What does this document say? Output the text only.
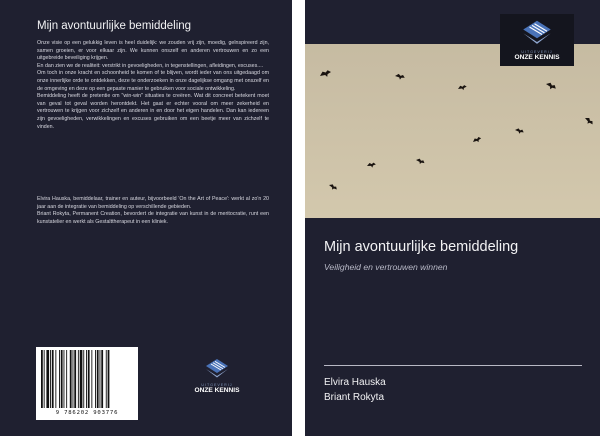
Mijn avontuurlijke bemiddeling

Onze visie op een gelukkig leven is heel duidelijk: we zouden vrij zijn, moedig, gelnspireerd zijn, samen groeien, er voor elkaar zijn. We kunnen onszelf en anderen vertrouwen en zo een uitgebreide beveiliging krijgen.

En dan zien we de realiteit: verstrikt in gevoeligheden, in tegenstellingen, afleidingen, excuses....

Om toch in onze kracht en schoonheid te komen of te blijven, wordt ieder van ons uitgedaagd om onze innerlijke orde te ontdekken, deze te onderzoeken in onze dagelijkse omgang met onszelf en de omgeving en deze op een gepaste manier te gebruiken voor sociale ontwikkeling.

Bemiddeling heeft de pretentie om "win-win" situaties te creëren. Wat dit concreet betekent moet van geval tot geval worden herontdekt. Het gaat er echter vooral om meer zekerheid en vertrouwen te krijgen voor zichzelf en anderen in en door het eigen handelen. Dan kan iedereen zijn gevoeligheden, verwikkelingen en excuses gebruiken om een beetje meer van zichzelf te vinden.

Elvira Hauska, bemiddelaar, trainer en auteur, bijvoorbeeld 'On the Art of Peace': werkt al zo'n 20 jaar aan de integratie van bemiddeling op verschillende gebieden.

Briant Rokyta, Permanent Creation, bevordert de integratie van kunst in de meritocratie, runt een kunstatelier en werkt als Gestalttherapeut in een kliniek.

9 786202 903776
UITGEVERIJ
ONZE KENNIS
UITGEVERIJ
ONZE KENNIS
Mijn avontuurlijke bemiddeling
Veiligheid en vertrouwen winnen
Elvira Hauska
Briant Rokyta
